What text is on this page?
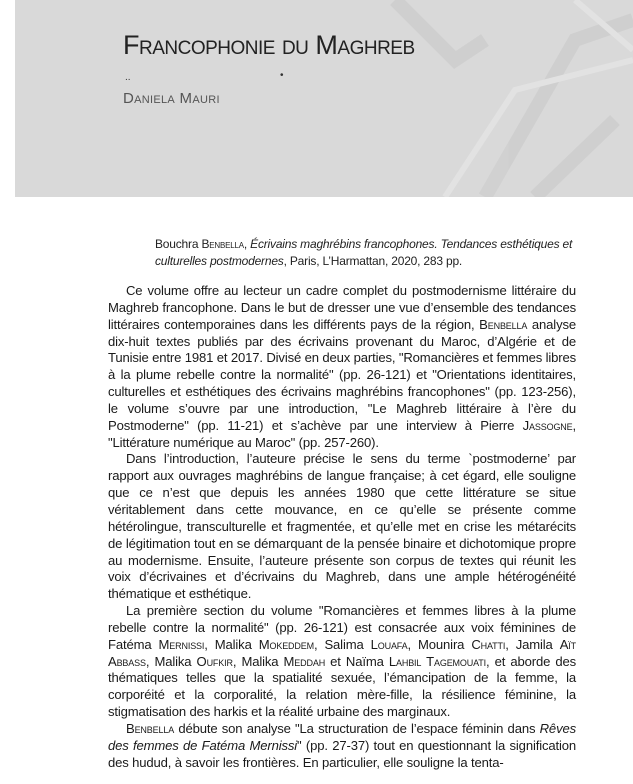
Francophonie du Maghreb
..	•
Daniela Mauri
Bouchra Benbella, Écrivains maghrébins francophones. Tendances esthétiques et culturelles postmodernes, Paris, L’Harmattan, 2020, 283 pp.

Ce volume offre au lecteur un cadre complet du postmodernisme littéraire du Maghreb francophone. Dans le but de dresser une vue d’ensemble des tendances littéraires contemporaines dans les différents pays de la région, Benbella analyse dix-huit textes publiés par des écrivains provenant du Maroc, d’Algérie et de Tunisie entre 1981 et 2017. Divisé en deux parties, "Romancières et femmes libres à la plume rebelle contre la normalité" (pp. 26-121) et "Orientations identitaires, culturelles et esthétiques des écrivains maghrébins francophones" (pp. 123-256), le volume s’ouvre par une introduction, "Le Maghreb littéraire à l’ère du Postmoderne" (pp. 11-21) et s’achève par une interview à Pierre Jassogne, "Littérature numérique au Maroc" (pp. 257-260).

Dans l’introduction, l’auteure précise le sens du terme `postmoderne’ par rapport aux ouvrages maghrébins de langue française; à cet égard, elle souligne que ce n’est que depuis les années 1980 que cette littérature se situe véritablement dans cette mouvance, en ce qu’elle se présente comme hétérolingue, transculturelle et fragmentée, et qu’elle met en crise les métarécits de légitimation tout en se démarquant de la pensée binaire et dichotomique propre au modernisme. Ensuite, l’auteure présente son corpus de textes qui réunit les voix d’écrivaines et d’écrivains du Maghreb, dans une ample hétérogénéité thématique et esthétique.

La première section du volume "Romancières et femmes libres à la plume rebelle contre la normalité" (pp. 26-121) est consacrée aux voix féminines de Fatéma Mernissi, Malika Mokeddem, Salima Louafa, Mounira Chatti, Jamila Aït Abbass, Malika Oufkir, Malika Meddah et Naïma Lahbil Tagemouati, et aborde des thématiques telles que la spatialité sexuée, l’émancipation de la femme, la corporéité et la corporalité, la relation mère-fille, la résilience féminine, la stigmatisation des harkis et la réalité urbaine des marginaux.

Benbella débute son analyse "La structuration de l’espace féminin dans Rêves des femmes de Fatéma Mernissi" (pp. 27-37) tout en questionnant la signification des hudud, à savoir les frontières. En particulier, elle souligne la tenta-
